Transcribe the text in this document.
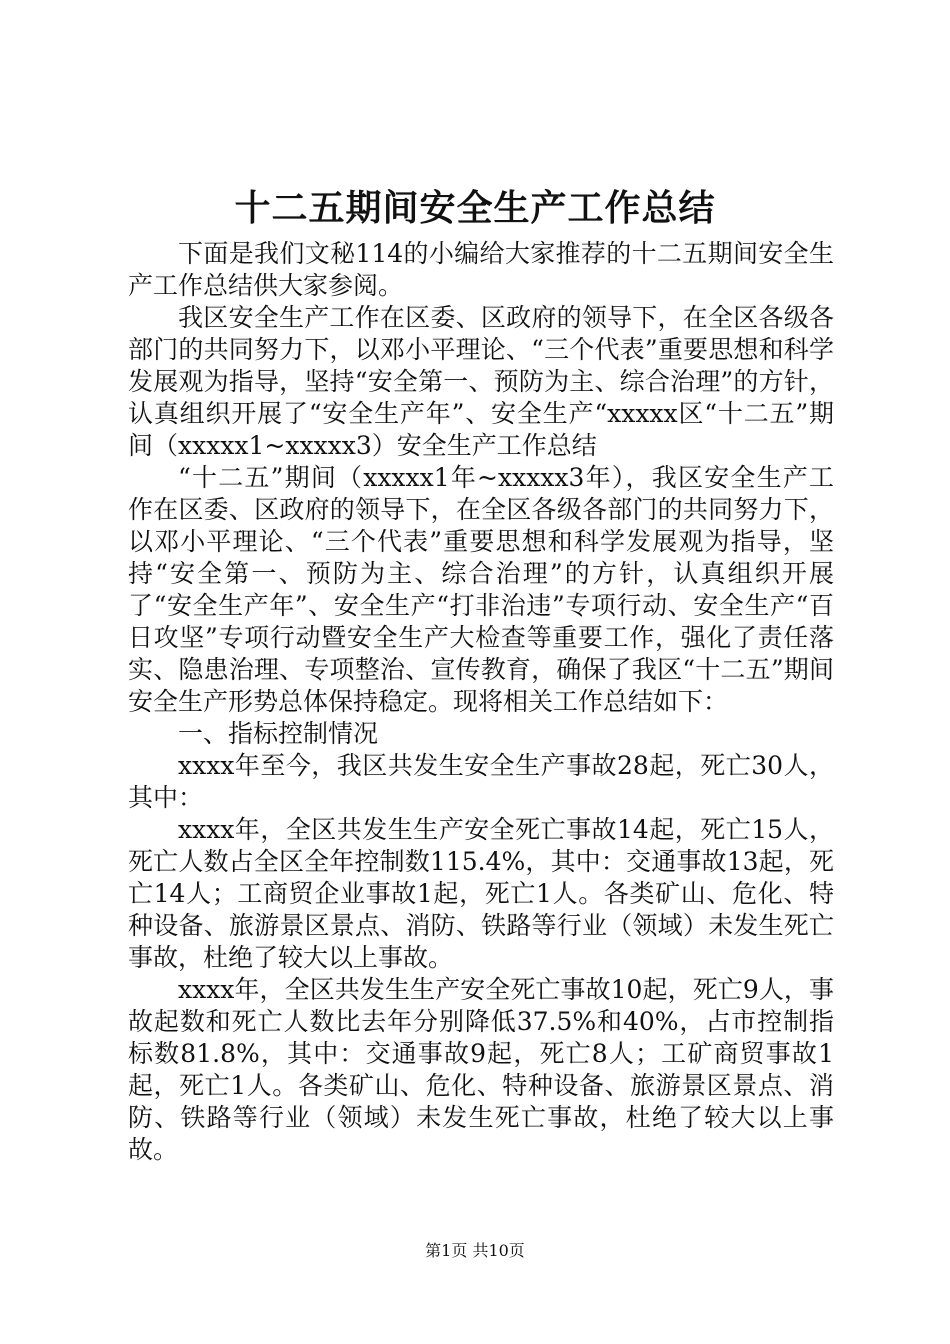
十二五期间安全生产工作总结

下面是我们文秘114的小编给大家推荐的十二五期间安全生产工作总结供大家参阅。

我区安全生产工作在区委、区政府的领导下，在全区各级各部门的共同努力下，以邓小平理论、“三个代表”重要思想和科学发展观为指导，坚持“安全第一、预防为主、综合治理”的方针，认真组织开展了“安全生产年”、安全生产“xxxxx区“十二五”期间（xxxxx1~xxxxx3）安全生产工作总结

“十二五”期间（xxxxx1年~xxxxx3年），我区安全生产工作在区委、区政府的领导下，在全区各级各部门的共同努力下，以邓小平理论、“三个代表”重要思想和科学发展观为指导，坚持“安全第一、预防为主、综合治理”的方针，认真组织开展了“安全生产年”、安全生产“打非治违”专项行动、安全生产“百日攻坚”专项行动暨安全生产大检查等重要工作，强化了责任落实、隐患治理、专项整治、宣传教育，确保了我区“十二五”期间安全生产形势总体保持稳定。现将相关工作总结如下：

一、指标控制情况

xxxx年至今，我区共发生安全生产事故28起，死亡30人，其中：

xxxx年，全区共发生生产安全死亡事故14起，死亡15人，死亡人数占全区全年控制数115.4%，其中：交通事故13起，死亡14人；工商贸企业事故1起，死亡1人。各类矿山、危化、特种设备、旅游景区景点、消防、铁路等行业（领域）未发生死亡事故，杜绝了较大以上事故。

xxxx年，全区共发生生产安全死亡事故10起，死亡9人，事故起数和死亡人数比去年分别降低37.5%和40%，占市控制指标数81.8%，其中：交通事故9起，死亡8人；工矿商贸事故1起，死亡1人。各类矿山、危化、特种设备、旅游景区景点、消防、铁路等行业（领域）未发生死亡事故，杜绝了较大以上事故。

第1页 共10页
